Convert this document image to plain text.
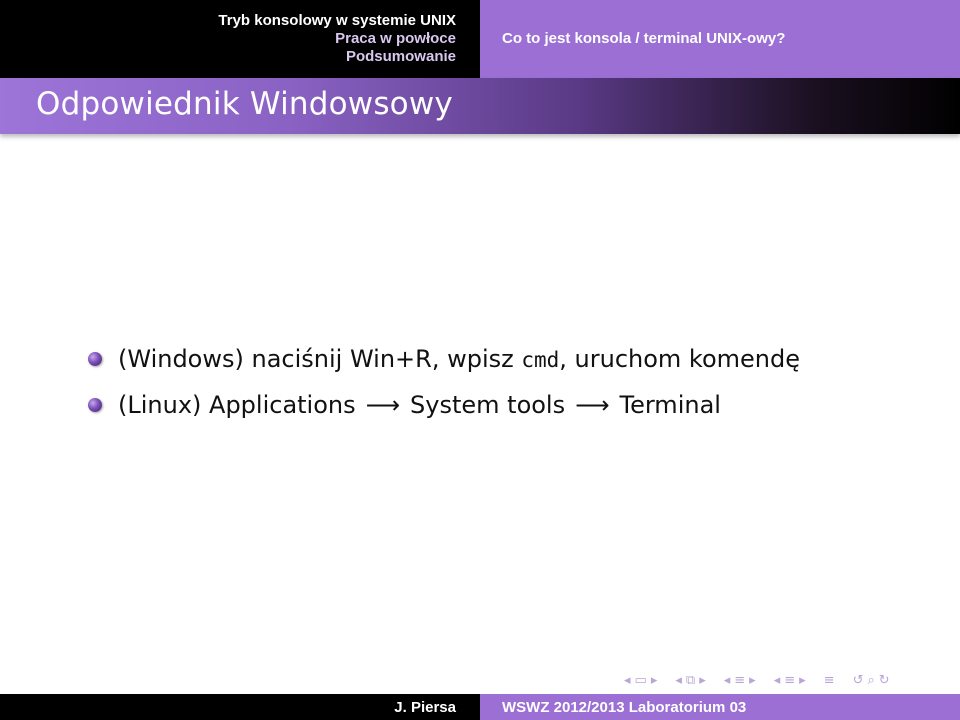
Tryb konsolowy w systemie UNIX
Praca w powłoce
Podsumowanie
Co to jest konsola / terminal UNIX-owy?
Odpowiednik Windowsowy
(Windows) naciśnij Win+R, wpisz cmd, uruchom komendę
(Linux) Applications ⟶ System tools ⟶ Terminal
◂ ▭ ▸ ◂ ⧉ ▸ ◂ ≡ ▸ ◂ ≡ ▸ ≡ ↺ ⌕ ↻
J. Piersa	WSWZ 2012/2013 Laboratorium 03
